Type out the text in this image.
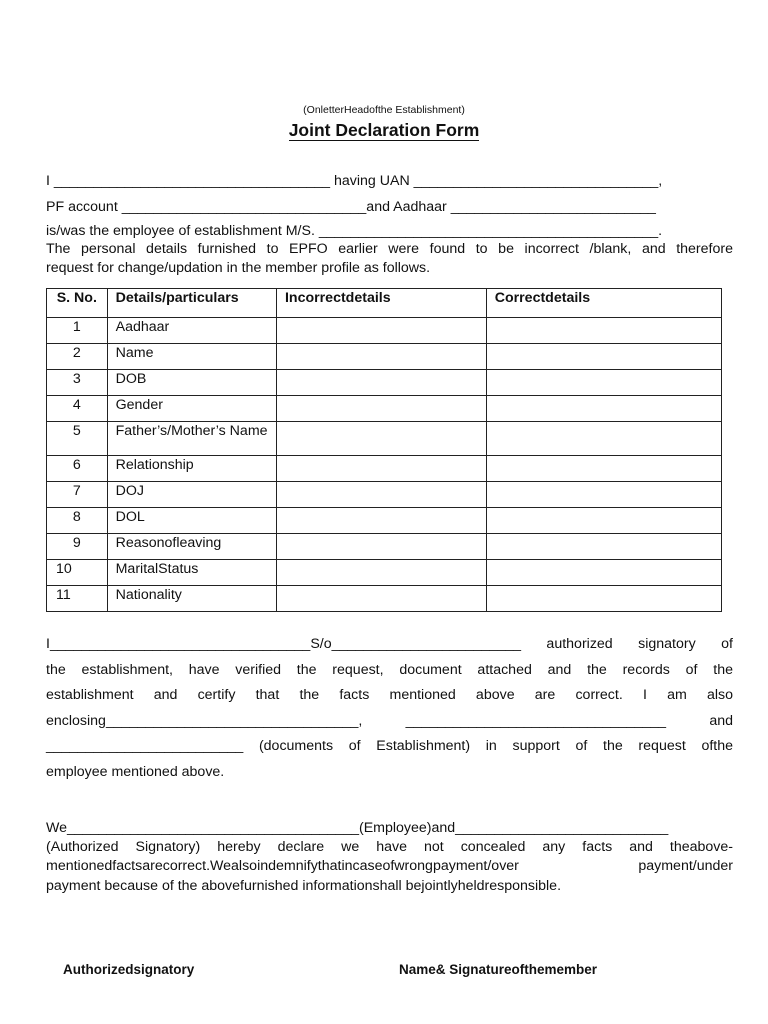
(OnletterHeadofthe Establishment)
Joint Declaration Form
I ___________________________________ having UAN _______________________________,
PF account _______________________________and Aadhaar __________________________
is/was the employee of establishment M/S. ___________________________________________.
The personal details furnished to EPFO earlier were found to be incorrect /blank, and therefore
request for change/updation in the member profile as follows.
S. No.	Details/particulars	Incorrectdetails	Correctdetails
1	Aadhaar		
2	Name		
3	DOB		
4	Gender		
5	Father’s/Mother’s Name		
6	Relationship		
7	DOJ		
8	DOL		
9	Reasonofleaving		
10	MaritalStatus		
11	Nationality		
I_________________________________S/o________________________ authorized signatory of
the establishment, have verified the request, document attached and the records of the
establishment and certify that the facts mentioned above are correct. I am also
enclosing________________________________, _________________________________ and
_________________________ (documents of Establishment) in support of the request ofthe
employee mentioned above.
We_____________________________________(Employee)and___________________________
(Authorized Signatory) hereby declare we have not concealed any facts and theabove-
mentionedfactsarecorrect.Wealsoindemnifythatincaseofwrongpayment/over payment/under
payment because of the abovefurnished informationshall bejointlyheldresponsible.
Authorizedsignatory	Name& Signatureofthemember
